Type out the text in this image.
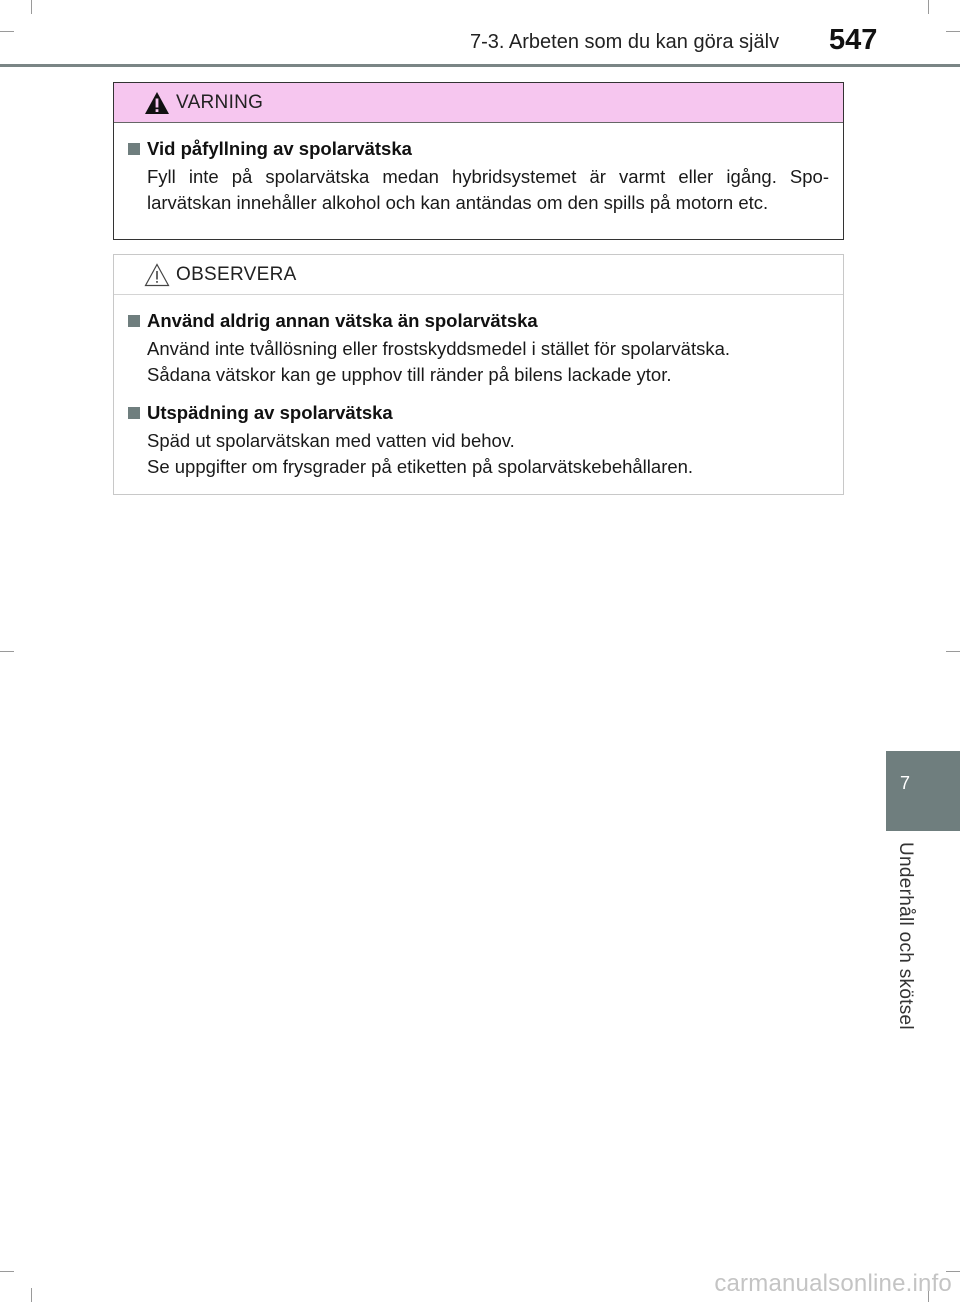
7-3. Arbeten som du kan göra själv 547
VARNING
Vid påfyllning av spolarvätska
Fyll inte på spolarvätska medan hybridsystemet är varmt eller igång. Spo-larvätskan innehåller alkohol och kan antändas om den spills på motorn etc.
OBSERVERA
Använd aldrig annan vätska än spolarvätska

Använd inte tvållösning eller frostskyddsmedel i stället för spolarvätska.

Sådana vätskor kan ge upphov till ränder på bilens lackade ytor.

Utspädning av spolarvätska

Späd ut spolarvätskan med vatten vid behov.

Se uppgifter om frysgrader på etiketten på spolarvätskebehållaren.

7
Underhåll och skötsel
carmanualsonline.info
